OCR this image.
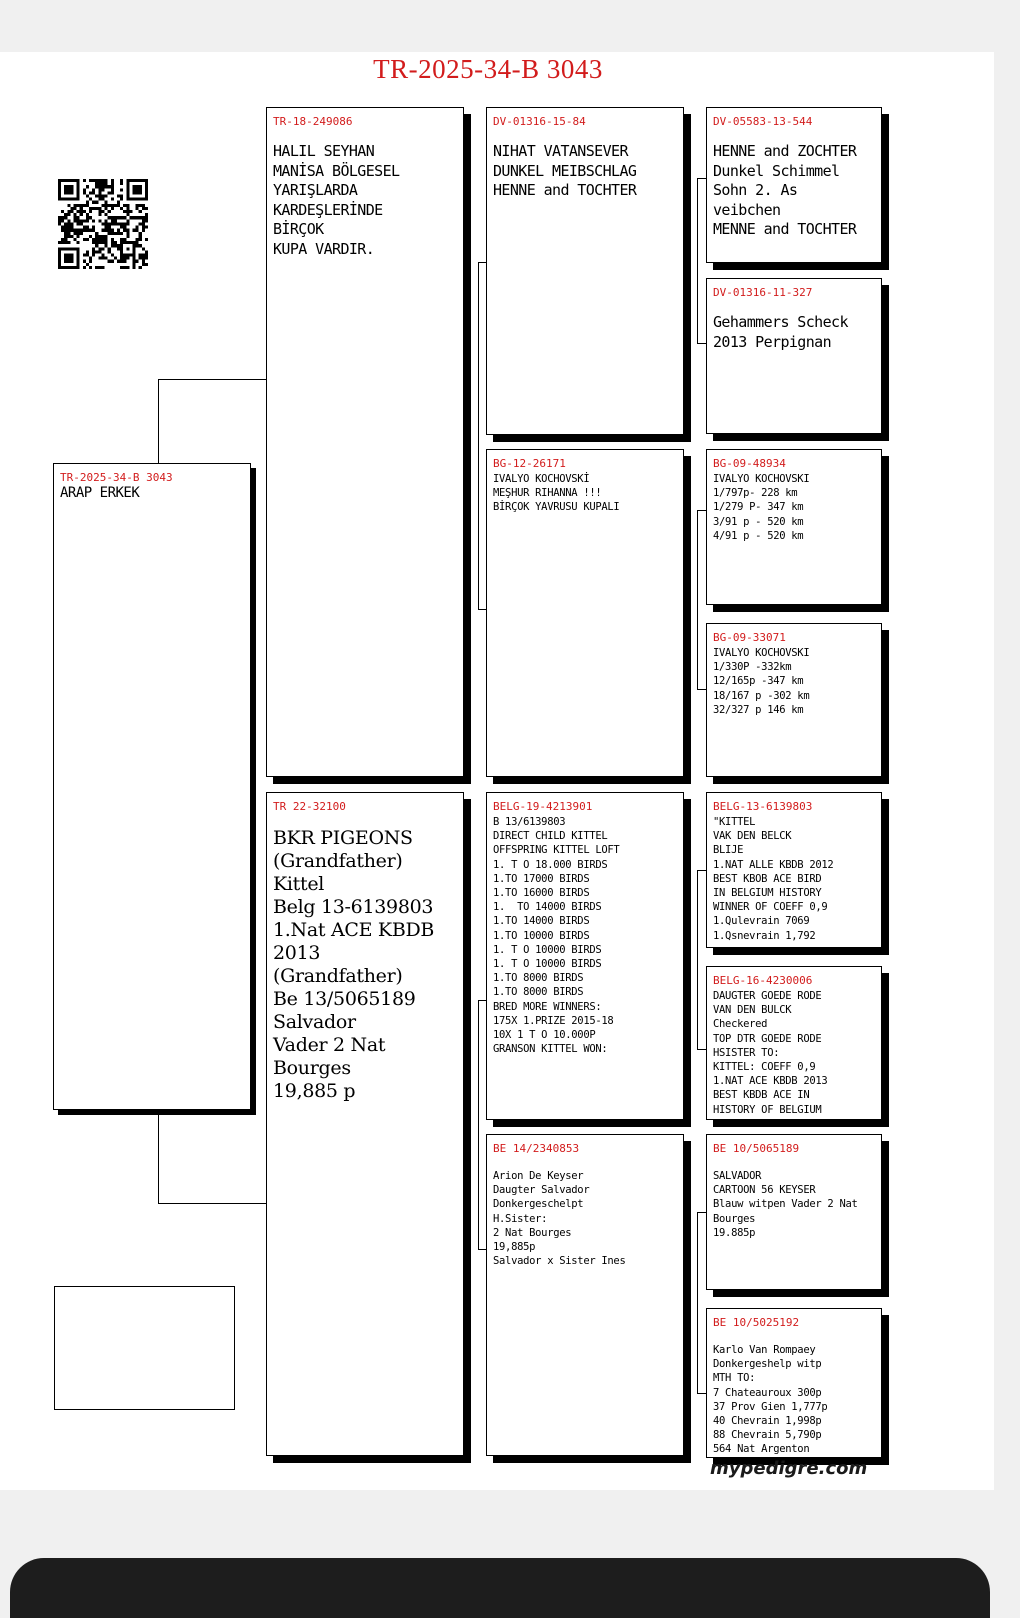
TR-2025-34-B 3043
TR-2025-34-B 3043
ARAP ERKEK
TR-18-249086
HALIL SEYHAN
MANİSA BÖLGESEL
YARIŞLARDA
KARDEŞLERİNDE
BİRÇOK
KUPA VARDIR.
TR 22-32100
BKR PIGEONS
(Grandfather)
Kittel
Belg 13-6139803
1.Nat ACE KBDB
2013
(Grandfather)
Be 13/5065189
Salvador
Vader 2 Nat
Bourges
19,885 p
DV-01316-15-84
NIHAT VATANSEVER
DUNKEL MEIBSCHLAG
HENNE and TOCHTER
BG-12-26171
IVALYO KOCHOVSKİ
MEŞHUR RIHANNA !!!
BİRÇOK YAVRUSU KUPALI
BELG-19-4213901
B 13/6139803
DIRECT CHILD KITTEL
OFFSPRING KITTEL LOFT
1. T O 18.000 BIRDS
1.TO 17000 BIRDS
1.TO 16000 BIRDS
1.  TO 14000 BIRDS
1.TO 14000 BIRDS
1.TO 10000 BIRDS
1. T O 10000 BIRDS
1. T O 10000 BIRDS
1.TO 8000 BIRDS
1.TO 8000 BIRDS
BRED MORE WINNERS:
175X 1.PRIZE 2015-18
10X 1 T O 10.000P
GRANSON KITTEL WON:
BE 14/2340853
Arion De Keyser
Daugter Salvador
Donkergeschelpt
H.Sister:
2 Nat Bourges
19,885p
Salvador x Sister Ines
DV-05583-13-544
HENNE and ZOCHTER
Dunkel Schimmel
Sohn 2. As
veibchen
MENNE and TOCHTER
DV-01316-11-327
Gehammers Scheck
2013 Perpignan
BG-09-48934
IVALYO KOCHOVSKI
1/797p- 228 km
1/279 P- 347 km
3/91 p - 520 km
4/91 p - 520 km
BG-09-33071
IVALYO KOCHOVSKI
1/330P -332km
12/165p -347 km
18/167 p -302 km
32/327 p 146 km
BELG-13-6139803
"KITTEL
VAK DEN BELCK
BLIJE
1.NAT ALLE KBDB 2012
BEST KBOB ACE BIRD
IN BELGIUM HISTORY
WINNER OF COEFF 0,9
1.Qulevrain 7069
1.Qsnevrain 1,792
BELG-16-4230006
DAUGTER GOEDE RODE
VAN DEN BULCK
Checkered
TOP DTR GOEDE RODE
HSISTER TO:
KITTEL: COEFF 0,9
1.NAT ACE KBDB 2013
BEST KBDB ACE IN
HISTORY OF BELGIUM
BE 10/5065189
SALVADOR
CARTOON 56 KEYSER
Blauw witpen Vader 2 Nat
Bourges
19.885p
BE 10/5025192
Karlo Van Rompaey
Donkergeshelp witp
MTH TO:
7 Chateauroux 300p
37 Prov Gien 1,777p
40 Chevrain 1,998p
88 Chevrain 5,790p
564 Nat Argenton
mypedigre.com
